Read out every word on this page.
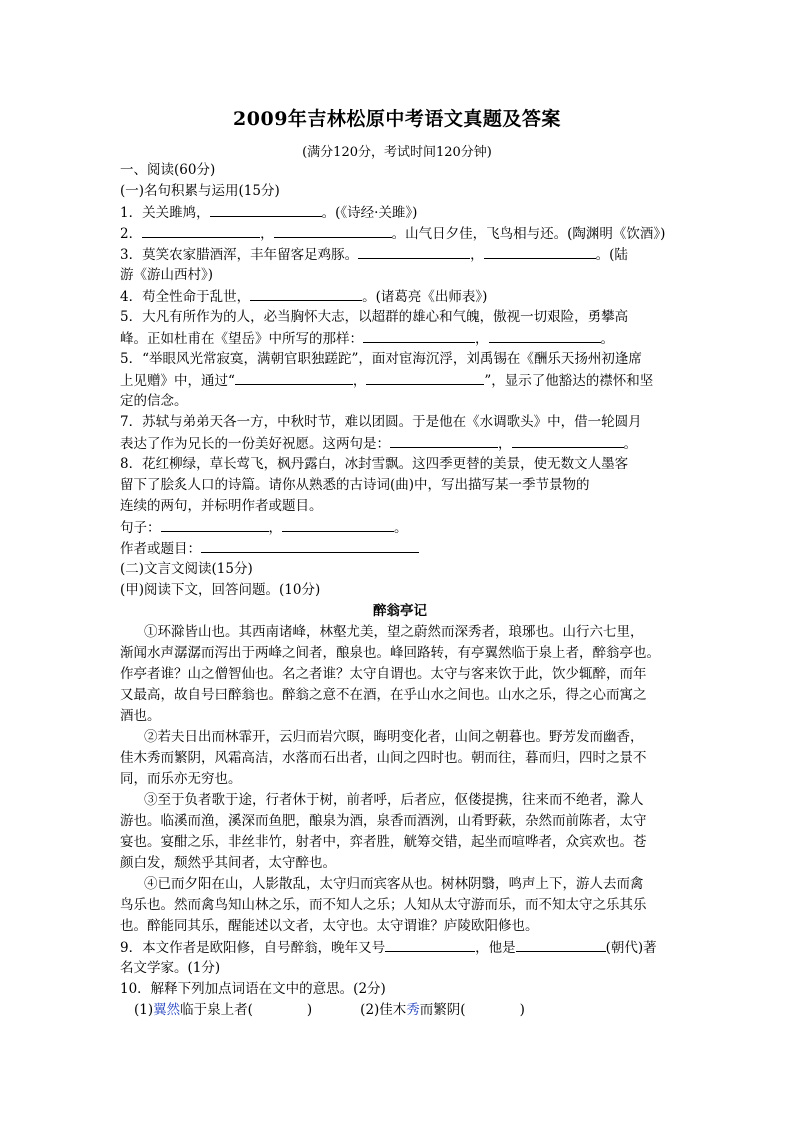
2009年吉林松原中考语文真题及答案
(满分120分，考试时间120分钟)
一、阅读(60分)
(一)名句积累与运用(15分)
1．关关雎鸠，	。(《诗经·关雎》)
2．	，	。山气日夕佳，飞鸟相与还。(陶渊明《饮酒》)
3．莫笑农家腊酒浑，丰年留客足鸡豚。	，	。(陆
游《游山西村》)
4．苟全性命于乱世，	。(诸葛亮《出师表》)
5．大凡有所作为的人，必当胸怀大志，以超群的雄心和气魄，傲视一切艰险，勇攀高
峰。正如杜甫在《望岳》中所写的那样：	，	。
5．“举眼风光常寂寞，满朝官职独蹉跎”，面对宦海沉浮，刘禹锡在《酬乐天扬州初逢席
上见赠》中，通过“	，	”，显示了他豁达的襟怀和坚
定的信念。
7．苏轼与弟弟天各一方，中秋时节，难以团圆。于是他在《水调歌头》中，借一轮圆月
表达了作为兄长的一份美好祝愿。这两句是：	，	。
8．花红柳绿，草长莺飞，枫丹露白，冰封雪飘。这四季更替的美景，使无数文人墨客
留下了脍炙人口的诗篇。请你从熟悉的古诗词(曲)中，写出描写某一季节景物的
连续的两句，并标明作者或题目。
句子：	，	。
作者或题目：
(二)文言文阅读(15分)
(甲)阅读下文，回答问题。(10分)
醉翁亭记
①环滁皆山也。其西南诸峰，林壑尤美，望之蔚然而深秀者，琅琊也。山行六七里，
渐闻水声潺潺而泻出于两峰之间者，酿泉也。峰回路转，有亭翼然临于泉上者，醉翁亭也。
作亭者谁？山之僧智仙也。名之者谁？太守自谓也。太守与客来饮于此，饮少辄醉，而年
又最高，故自号曰醉翁也。醉翁之意不在酒，在乎山水之间也。山水之乐，得之心而寓之
酒也。
②若夫日出而林霏开，云归而岩穴暝，晦明变化者，山间之朝暮也。野芳发而幽香，
佳木秀而繁阴，风霜高洁，水落而石出者，山间之四时也。朝而往，暮而归，四时之景不
同，而乐亦无穷也。
③至于负者歌于途，行者休于树，前者呼，后者应，伛偻提携，往来而不绝者，滁人
游也。临溪而渔，溪深而鱼肥，酿泉为酒，泉香而酒洌，山肴野蔌，杂然而前陈者，太守
宴也。宴酣之乐，非丝非竹，射者中，弈者胜，觥筹交错，起坐而喧哗者，众宾欢也。苍
颜白发，颓然乎其间者，太守醉也。
④已而夕阳在山，人影散乱，太守归而宾客从也。树林阴翳，鸣声上下，游人去而禽
鸟乐也。然而禽鸟知山林之乐，而不知人之乐；人知从太守游而乐，而不知太守之乐其乐
也。醉能同其乐，醒能述以文者，太守也。太守谓谁？庐陵欧阳修也。
9．本文作者是欧阳修，自号醉翁，晚年又号	，他是	(朝代)著
名文学家。(1分)
10．解释下列加点词语在文中的意思。(2分)
(1)翼然临于泉上者(　　　　)	(2)佳木秀而繁阴(　　　　)
